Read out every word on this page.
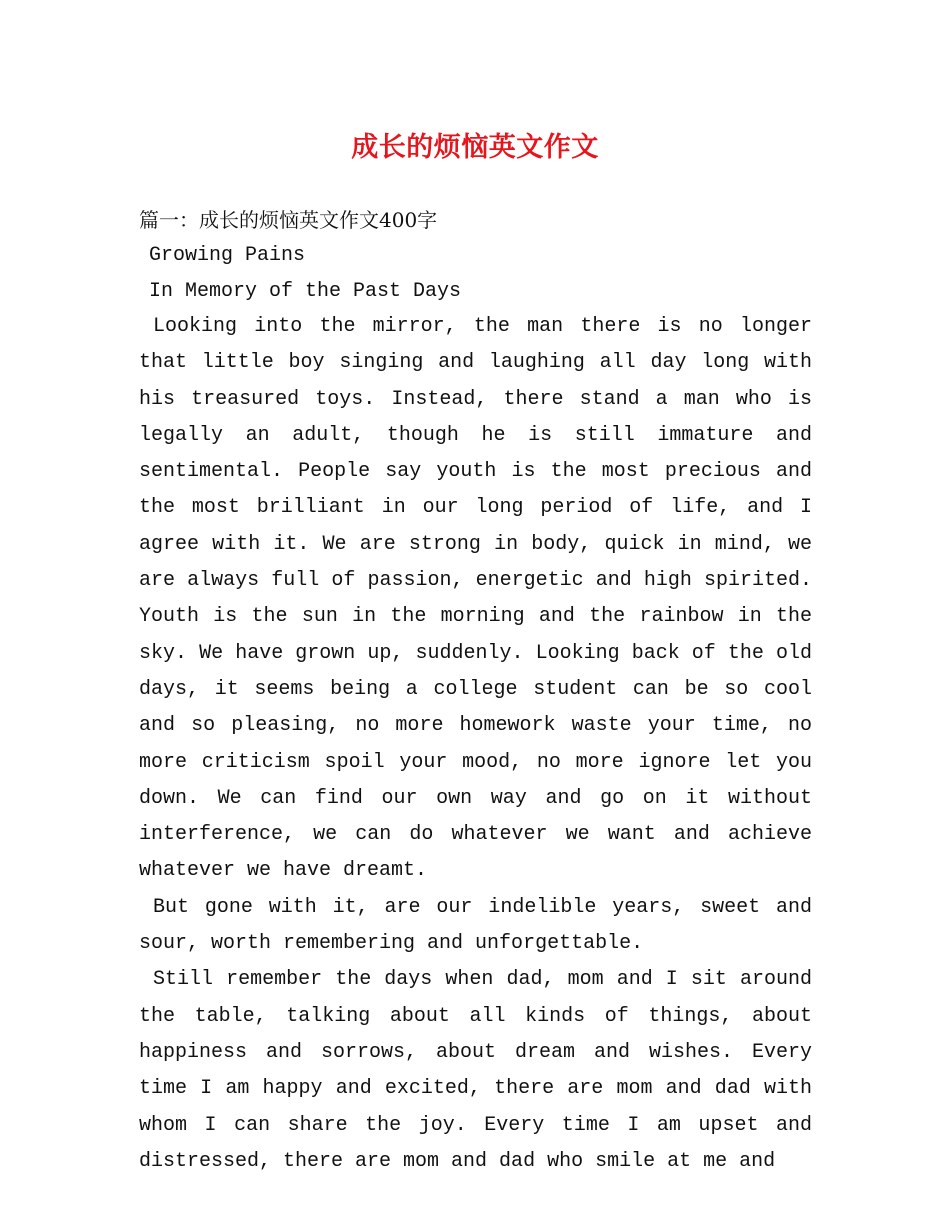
成长的烦恼英文作文
篇一：成长的烦恼英文作文400字
Growing Pains
In Memory of the Past Days
Looking into the mirror, the man there is no longer that little boy singing and laughing all day long with his treasured toys. Instead, there stand a man who is legally an adult, though he is still immature and sentimental. People say youth is the most precious and the most brilliant in our long period of life, and I agree with it. We are strong in body, quick in mind, we are always full of passion, energetic and high spirited. Youth is the sun in the morning and the rainbow in the sky. We have grown up, suddenly. Looking back of the old days, it seems being a college student can be so cool and so pleasing, no more homework waste your time, no more criticism spoil your mood, no more ignore let you down. We can find our own way and go on it without interference, we can do whatever we want and achieve whatever we have dreamt.
But gone with it, are our indelible years, sweet and sour, worth remembering and unforgettable.
Still remember the days when dad, mom and I sit around the table, talking about all kinds of things, about happiness and sorrows, about dream and wishes. Every time I am happy and excited, there are mom and dad with whom I can share the joy. Every time I am upset and distressed, there are mom and dad who smile at me and
